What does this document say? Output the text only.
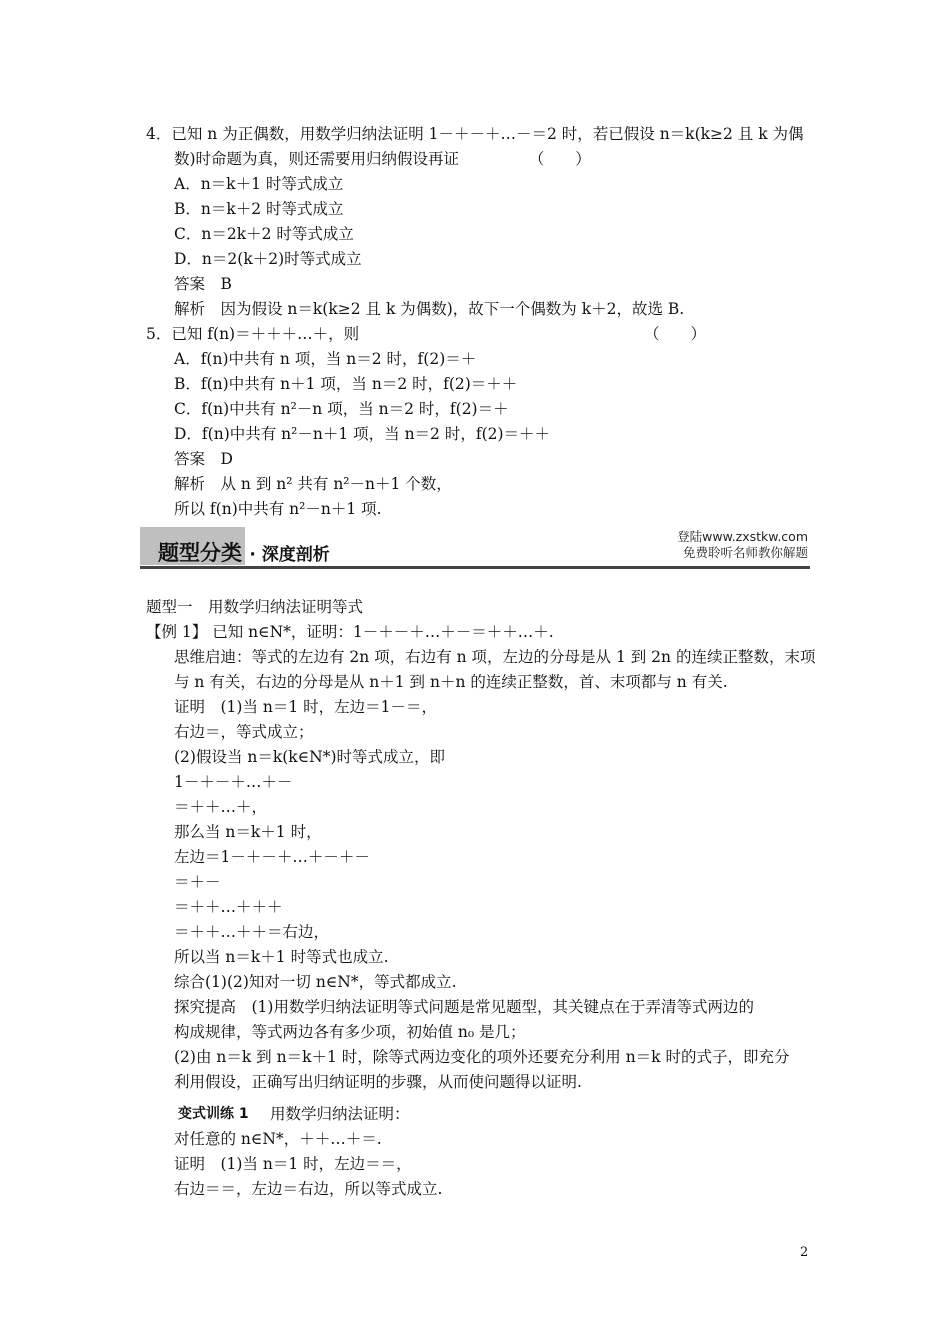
4．已知 n 为正偶数，用数学归纳法证明 1－＋－＋…－＝2 时，若已假设 n＝k(k≥2 且 k 为偶
数)时命题为真，则还需要用归纳假设再证　　　　　（　　）
A．n＝k＋1 时等式成立
B．n＝k＋2 时等式成立
C．n＝2k＋2 时等式成立
D．n＝2(k＋2)时等式成立
答案　B
解析　因为假设 n＝k(k≥2 且 k 为偶数)，故下一个偶数为 k＋2，故选 B.
5．已知 f(n)＝＋＋＋…＋，则	（　　）
A．f(n)中共有 n 项，当 n＝2 时，f(2)＝＋
B．f(n)中共有 n＋1 项，当 n＝2 时，f(2)＝＋＋
C．f(n)中共有 n²－n 项，当 n＝2 时，f(2)＝＋
D．f(n)中共有 n²－n＋1 项，当 n＝2 时，f(2)＝＋＋
答案　D
解析　从 n 到 n² 共有 n²－n＋1 个数，
所以 f(n)中共有 n²－n＋1 项.
题型一　用数学归纳法证明等式
【例 1】 已知 n∈N*，证明：1－＋－＋…＋－＝＋＋…＋.
思维启迪：等式的左边有 2n 项，右边有 n 项，左边的分母是从 1 到 2n 的连续正整数，末项
与 n 有关，右边的分母是从 n＋1 到 n＋n 的连续正整数，首、末项都与 n 有关.
证明　(1)当 n＝1 时，左边＝1－＝，
右边＝，等式成立；
(2)假设当 n＝k(k∈N*)时等式成立，即
1－＋－＋…＋－
＝＋＋…＋，
那么当 n＝k＋1 时，
左边＝1－＋－＋…＋－＋－
＝＋－
＝＋＋…＋＋＋
＝＋＋…＋＋＝右边，
所以当 n＝k＋1 时等式也成立.
综合(1)(2)知对一切 n∈N*，等式都成立.
探究提高　(1)用数学归纳法证明等式问题是常见题型，其关键点在于弄清等式两边的
构成规律，等式两边各有多少项，初始值 n₀ 是几；
(2)由 n＝k 到 n＝k＋1 时，除等式两边变化的项外还要充分利用 n＝k 时的式子，即充分
利用假设，正确写出归纳证明的步骤，从而使问题得以证明.
用数学归纳法证明：
对任意的 n∈N*，＋＋…＋＝.
证明　(1)当 n＝1 时，左边＝＝，
右边＝＝，左边＝右边，所以等式成立.
题型分类 · 深度剖析
登陆www.zxstkw.com
免费聆听名师教你解题
变式训练 1
2
